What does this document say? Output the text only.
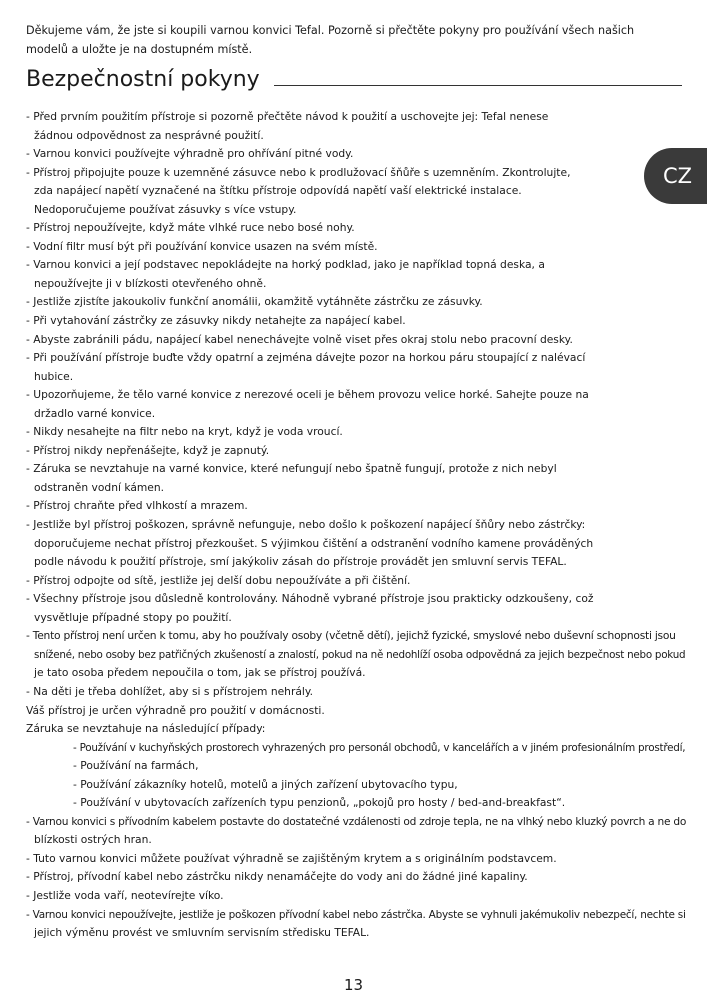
Děkujeme vám, že jste si koupili varnou konvici Tefal. Pozorně si přečtěte pokyny pro používání všech našich
modelů a uložte je na dostupném místě.
Bezpečnostní pokyny
CZ
- Před prvním použitím přístroje si pozorně přečtěte návod k použití a uschovejte jej: Tefal nenese
žádnou odpovědnost za nesprávné použití.
- Varnou konvici používejte výhradně pro ohřívání pitné vody.
- Přístroj připojujte pouze k uzemněné zásuvce nebo k prodlužovací šňůře s uzemněním. Zkontrolujte,
zda napájecí napětí vyznačené na štítku přístroje odpovídá napětí vaší elektrické instalace.
Nedoporučujeme používat zásuvky s více vstupy.
- Přístroj nepoužívejte, když máte vlhké ruce nebo bosé nohy.
- Vodní filtr musí být při používání konvice usazen na svém místě.
- Varnou konvici a její podstavec nepokládejte na horký podklad, jako je například topná deska, a
nepoužívejte ji v blízkosti otevřeného ohně.
- Jestliže zjistíte jakoukoliv funkční anomálii, okamžitě vytáhněte zástrčku ze zásuvky.
- Při vytahování zástrčky ze zásuvky nikdy netahejte za napájecí kabel.
- Abyste zabránili pádu, napájecí kabel nenechávejte volně viset přes okraj stolu nebo pracovní desky.
- Při používání přístroje buďte vždy opatrní a zejména dávejte pozor na horkou páru stoupající z nalévací
hubice.
- Upozorňujeme, že tělo varné konvice z nerezové oceli je během provozu velice horké. Sahejte pouze na
držadlo varné konvice.
- Nikdy nesahejte na filtr nebo na kryt, když je voda vroucí.
- Přístroj nikdy nepřenášejte, když je zapnutý.
- Záruka se nevztahuje na varné konvice, které nefungují nebo špatně fungují, protože z nich nebyl
odstraněn vodní kámen.
- Přístroj chraňte před vlhkostí a mrazem.
- Jestliže byl přístroj poškozen, správně nefunguje, nebo došlo k poškození napájecí šňůry nebo zástrčky:
doporučujeme nechat přístroj přezkoušet. S výjimkou čištění a odstranění vodního kamene prováděných
podle návodu k použití přístroje, smí jakýkoliv zásah do přístroje provádět jen smluvní servis TEFAL.
- Přístroj odpojte od sítě, jestliže jej delší dobu nepoužíváte a při čištění.
- Všechny přístroje jsou důsledně kontrolovány. Náhodně vybrané přístroje jsou prakticky odzkoušeny, což
vysvětluje případné stopy po použití.
- Tento přístroj není určen k tomu, aby ho používaly osoby (včetně dětí), jejichž fyzické, smyslové nebo duševní schopnosti jsou
snížené, nebo osoby bez patřičných zkušeností a znalostí, pokud na ně nedohlíží osoba odpovědná za jejich bezpečnost nebo pokud
je tato osoba předem nepoučila o tom, jak se přístroj používá.
- Na děti je třeba dohlížet, aby si s přístrojem nehrály.
Váš přístroj je určen výhradně pro použití v domácnosti.
Záruka se nevztahuje na následující případy:
- Používání v kuchyňských prostorech vyhrazených pro personál obchodů, v kancelářích a v jiném profesionálním prostředí,
- Používání na farmách,
- Používání zákazníky hotelů, motelů a jiných zařízení ubytovacího typu,
- Používání v ubytovacích zařízeních typu penzionů, „pokojů pro hosty / bed-and-breakfast“.
- Varnou konvici s přívodním kabelem postavte do dostatečné vzdálenosti od zdroje tepla, ne na vlhký nebo kluzký povrch a ne do
blízkosti ostrých hran.
- Tuto varnou konvici můžete používat výhradně se zajištěným krytem a s originálním podstavcem.
- Přístroj, přívodní kabel nebo zástrčku nikdy nenamáčejte do vody ani do žádné jiné kapaliny.
- Jestliže voda vaří, neotevírejte víko.
- Varnou konvici nepoužívejte, jestliže je poškozen přívodní kabel nebo zástrčka. Abyste se vyhnuli jakémukoliv nebezpečí, nechte si
jejich výměnu provést ve smluvním servisním středisku TEFAL.
13
